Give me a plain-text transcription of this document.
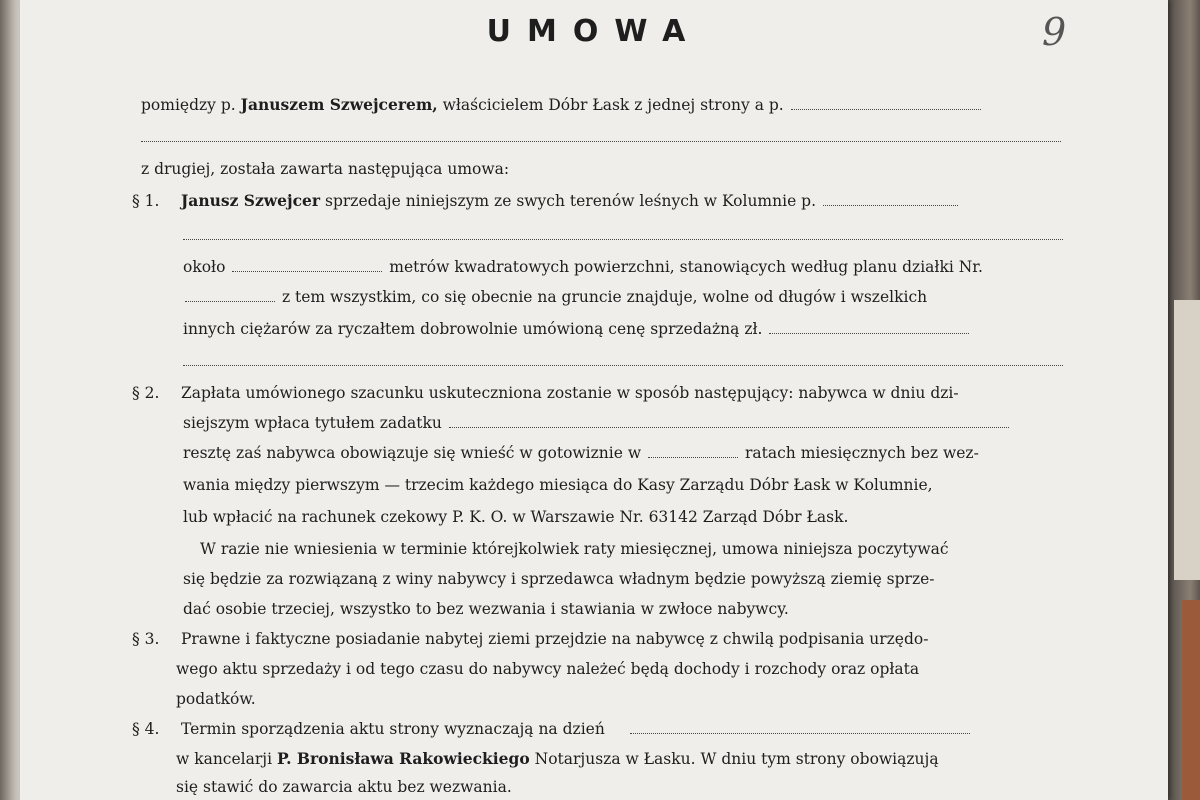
UMOWA	9
pomiędzy p. Januszem Szwejcerem, właścicielem Dóbr Łask z jednej strony a p.
z drugiej, została zawarta następująca umowa:
§ 1. Janusz Szwejcer sprzedaje niniejszym ze swych terenów leśnych w Kolumnie p.
około	metrów kwadratowych powierzchni, stanowiących według planu działki Nr.
z tem wszystkim, co się obecnie na gruncie znajduje, wolne od długów i wszelkich
innych ciężarów za ryczałtem dobrowolnie umówioną cenę sprzedażną zł.
§ 2. Zapłata umówionego szacunku uskuteczniona zostanie w sposób następujący: nabywca w dniu dzi-
siejszym wpłaca tytułem zadatku
resztę zaś nabywca obowiązuje się wnieść w gotowiznie w	ratach miesięcznych bez wez-
wania między pierwszym — trzecim każdego miesiąca do Kasy Zarządu Dóbr Łask w Kolumnie,
lub wpłacić na rachunek czekowy P. K. O. w Warszawie Nr. 63142 Zarząd Dóbr Łask.
W razie nie wniesienia w terminie którejkolwiek raty miesięcznej, umowa niniejsza poczytywać
się będzie za rozwiązaną z winy nabywcy i sprzedawca władnym będzie powyższą ziemię sprze-
dać osobie trzeciej, wszystko to bez wezwania i stawiania w zwłoce nabywcy.
§ 3. Prawne i faktyczne posiadanie nabytej ziemi przejdzie na nabywcę z chwilą podpisania urzędo-
wego aktu sprzedaży i od tego czasu do nabywcy należeć będą dochody i rozchody oraz opłata
podatków.
§ 4. Termin sporządzenia aktu strony wyznaczają na dzień
w kancelarji P. Bronisława Rakowieckiego Notarjusza w Łasku. W dniu tym strony obowiązują
się stawić do zawarcia aktu bez wezwania.
